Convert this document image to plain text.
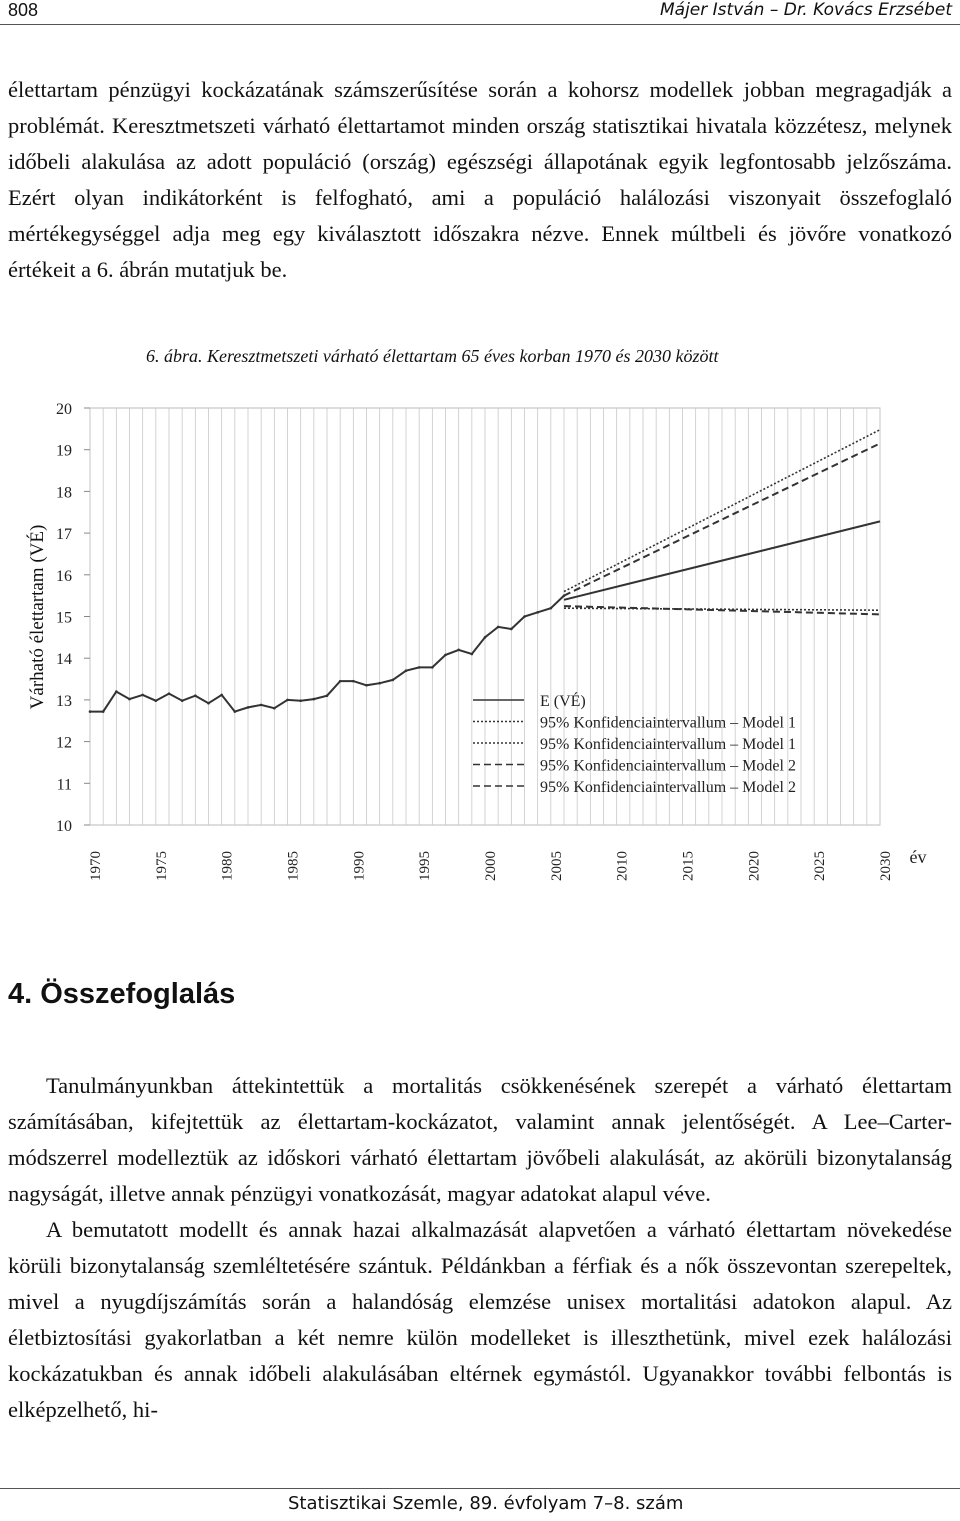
808	Májer István – Dr. Kovács Erzsébet

élettartam pénzügyi kockázatának számszerűsítése során a kohorsz modellek jobban megragadják a problémát. Keresztmetszeti várható élettartamot minden ország statisztikai hivatala közzétesz, melynek időbeli alakulása az adott populáció (ország) egészségi állapotának egyik legfontosabb jelzőszáma. Ezért olyan indikátorként is felfogható, ami a populáció halálozási viszonyait összefoglaló mértékegységgel adja meg egy kiválasztott időszakra nézve. Ennek múltbeli és jövőre vonatkozó értékeit a 6. ábrán mutatjuk be.

6. ábra. Keresztmetszeti várható élettartam 65 éves korban 1970 és 2030 között
Várható élettartam (VÉ)
20
19
18
17
16
15
14
13
12
11
10
1970	1975	1980	1985	1990	1995	2000	2005	2010	2015	2020	2025	2030 év
E (VÉ)
95% Konfidenciaintervallum – Model 1
95% Konfidenciaintervallum – Model 1
95% Konfidenciaintervallum – Model 2
95% Konfidenciaintervallum – Model 2
4. Összefoglalás

Tanulmányunkban áttekintettük a mortalitás csökkenésének szerepét a várható élettartam számításában, kifejtettük az élettartam-kockázatot, valamint annak jelentőségét. A Lee–Carter-módszerrel modelleztük az időskori várható élettartam jövőbeli alakulását, az akörüli bizonytalanság nagyságát, illetve annak pénzügyi vonatkozását, magyar adatokat alapul véve.

A bemutatott modellt és annak hazai alkalmazását alapvetően a várható élettartam növekedése körüli bizonytalanság szemléltetésére szántuk. Példánkban a férfiak és a nők összevontan szerepeltek, mivel a nyugdíjszámítás során a halandóság elemzése unisex mortalitási adatokon alapul. Az életbiztosítási gyakorlatban a két nemre külön modelleket is illeszthetünk, mivel ezek halálozási kockázatukban és annak időbeli alakulásában eltérnek egymástól. Ugyanakkor további felbontás is elképzelhető, hi-

Statisztikai Szemle, 89. évfolyam 7–8. szám
